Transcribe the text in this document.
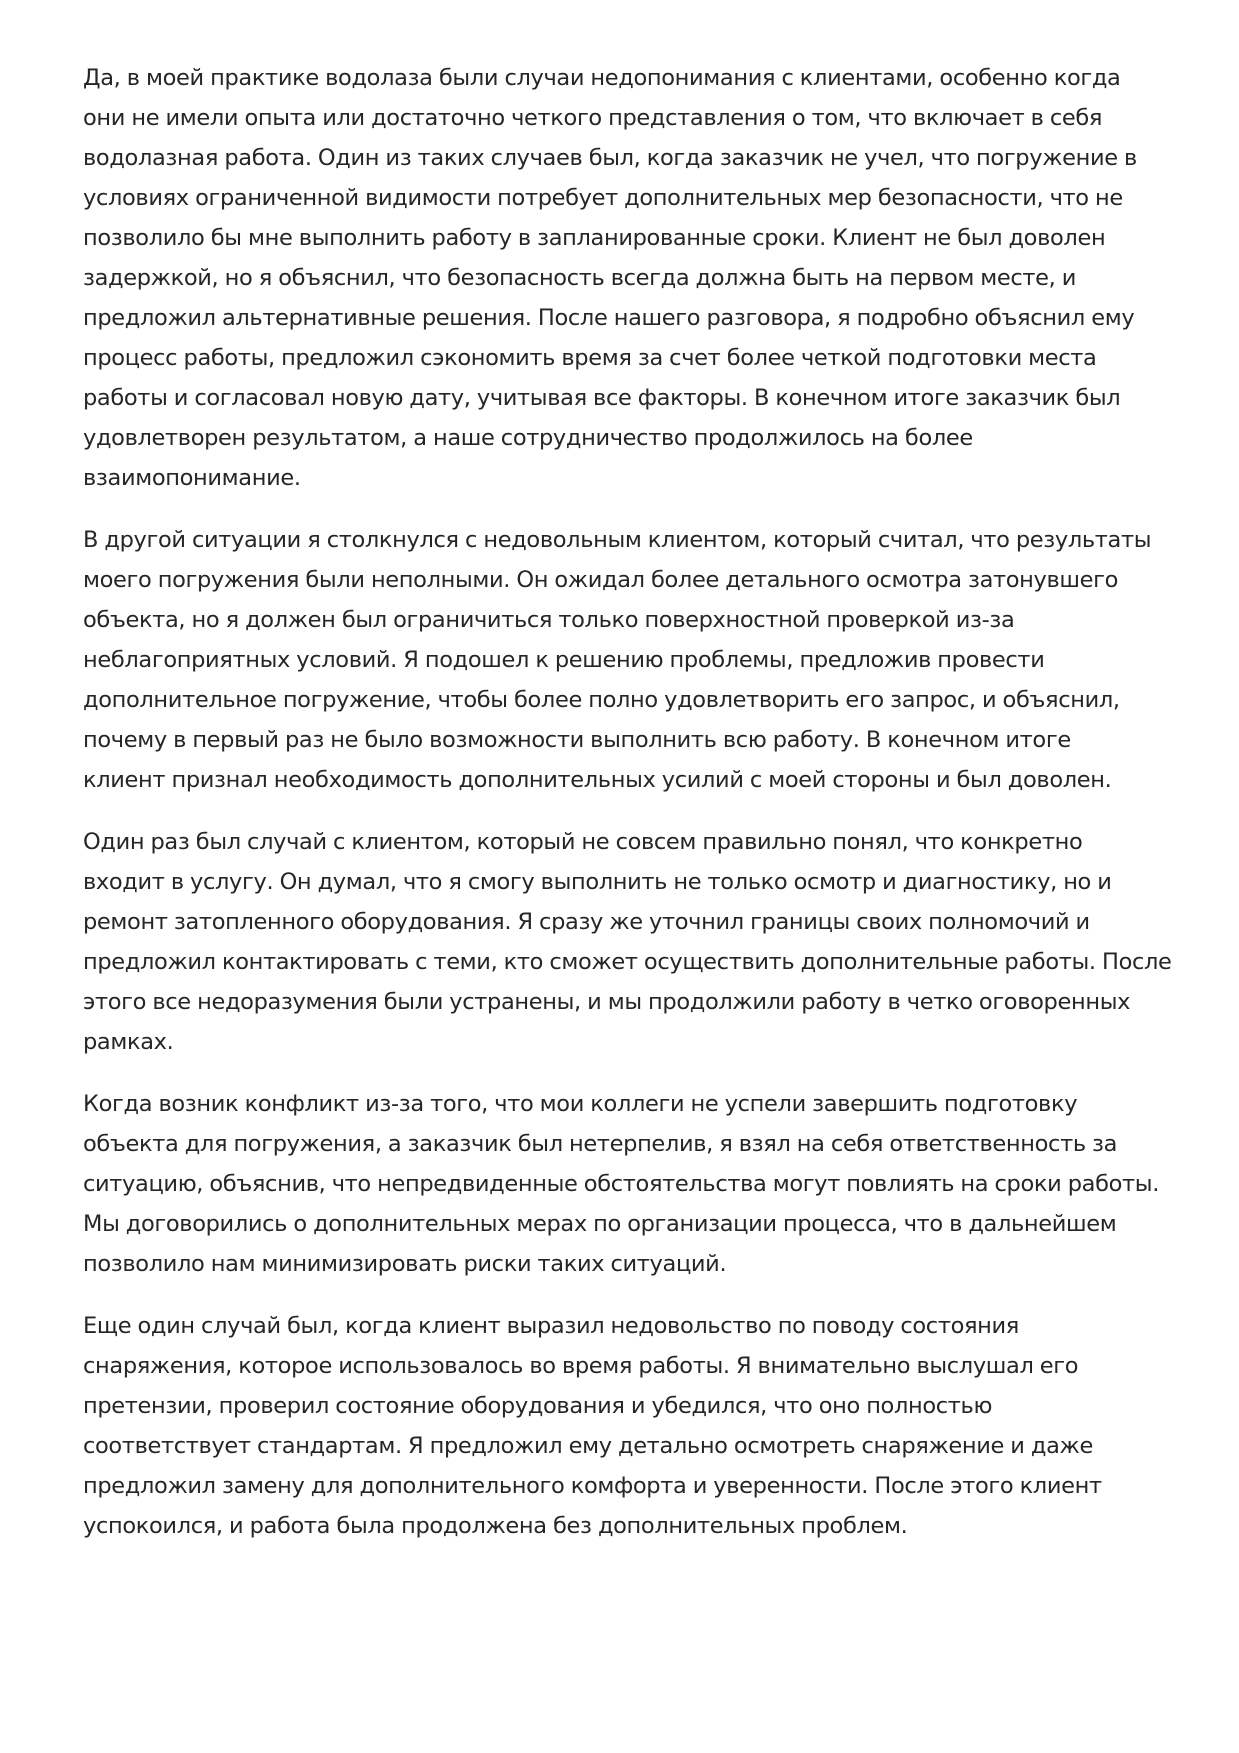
Да, в моей практике водолаза были случаи недопонимания с клиентами, особенно когда
они не имели опыта или достаточно четкого представления о том, что включает в себя
водолазная работа. Один из таких случаев был, когда заказчик не учел, что погружение в
условиях ограниченной видимости потребует дополнительных мер безопасности, что не
позволило бы мне выполнить работу в запланированные сроки. Клиент не был доволен
задержкой, но я объяснил, что безопасность всегда должна быть на первом месте, и
предложил альтернативные решения. После нашего разговора, я подробно объяснил ему
процесс работы, предложил сэкономить время за счет более четкой подготовки места
работы и согласовал новую дату, учитывая все факторы. В конечном итоге заказчик был
удовлетворен результатом, а наше сотрудничество продолжилось на более
взаимопонимание.

В другой ситуации я столкнулся с недовольным клиентом, который считал, что результаты
моего погружения были неполными. Он ожидал более детального осмотра затонувшего
объекта, но я должен был ограничиться только поверхностной проверкой из-за
неблагоприятных условий. Я подошел к решению проблемы, предложив провести
дополнительное погружение, чтобы более полно удовлетворить его запрос, и объяснил,
почему в первый раз не было возможности выполнить всю работу. В конечном итоге
клиент признал необходимость дополнительных усилий с моей стороны и был доволен.

Один раз был случай с клиентом, который не совсем правильно понял, что конкретно
входит в услугу. Он думал, что я смогу выполнить не только осмотр и диагностику, но и
ремонт затопленного оборудования. Я сразу же уточнил границы своих полномочий и
предложил контактировать с теми, кто сможет осуществить дополнительные работы. После
этого все недоразумения были устранены, и мы продолжили работу в четко оговоренных
рамках.

Когда возник конфликт из-за того, что мои коллеги не успели завершить подготовку
объекта для погружения, а заказчик был нетерпелив, я взял на себя ответственность за
ситуацию, объяснив, что непредвиденные обстоятельства могут повлиять на сроки работы.
Мы договорились о дополнительных мерах по организации процесса, что в дальнейшем
позволило нам минимизировать риски таких ситуаций.

Еще один случай был, когда клиент выразил недовольство по поводу состояния
снаряжения, которое использовалось во время работы. Я внимательно выслушал его
претензии, проверил состояние оборудования и убедился, что оно полностью
соответствует стандартам. Я предложил ему детально осмотреть снаряжение и даже
предложил замену для дополнительного комфорта и уверенности. После этого клиент
успокоился, и работа была продолжена без дополнительных проблем.
